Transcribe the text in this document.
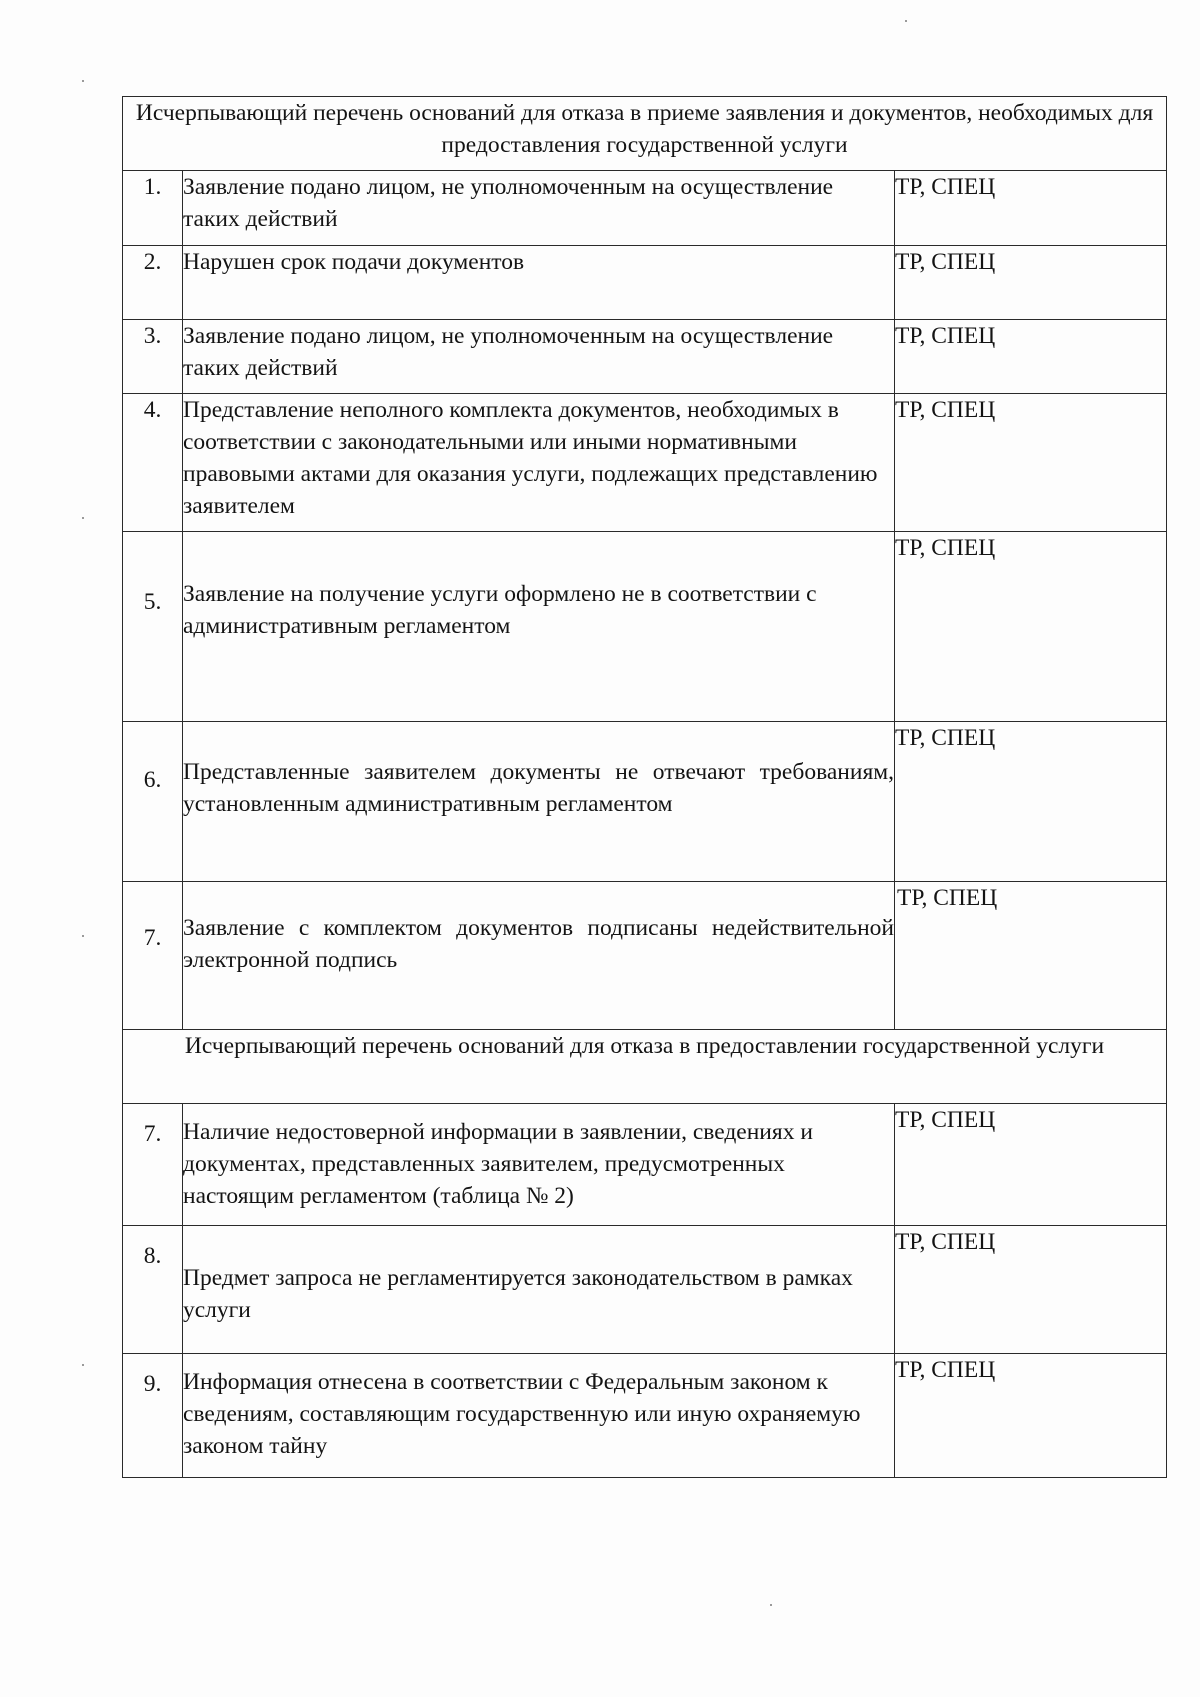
Исчерпывающий перечень оснований для отказа в приеме заявления и документов, необходимых для предоставления государственной услуги		
1.	Заявление подано лицом, не уполномоченным на осуществление таких действий	ТР, СПЕЦ
2.	Нарушен срок подачи документов	ТР, СПЕЦ
3.	Заявление подано лицом, не уполномоченным на осуществление таких действий	ТР, СПЕЦ
4.	Представление неполного комплекта документов, необходимых в соответствии с законодательными или иными нормативными правовыми актами для оказания услуги, подлежащих представлению заявителем	ТР, СПЕЦ
5.	Заявление на получение услуги оформлено не в соответствии с административным регламентом	ТР, СПЕЦ
6.	Представленные заявителем документы не отвечают требованиям, установленным административным регламентом	ТР, СПЕЦ
7.	Заявление с комплектом документов подписаны недействительной электронной подпись	ТР, СПЕЦ
Исчерпывающий перечень оснований для отказа в предоставлении государственной услуги		
7.	Наличие недостоверной информации в заявлении, сведениях и документах, представленных заявителем, предусмотренных настоящим регламентом (таблица № 2)	ТР, СПЕЦ
8.	Предмет запроса не регламентируется законодательством в рамках услуги	ТР, СПЕЦ
9.	Информация отнесена в соответствии с Федеральным законом к сведениям, составляющим государственную или иную охраняемую законом тайну	ТР, СПЕЦ
